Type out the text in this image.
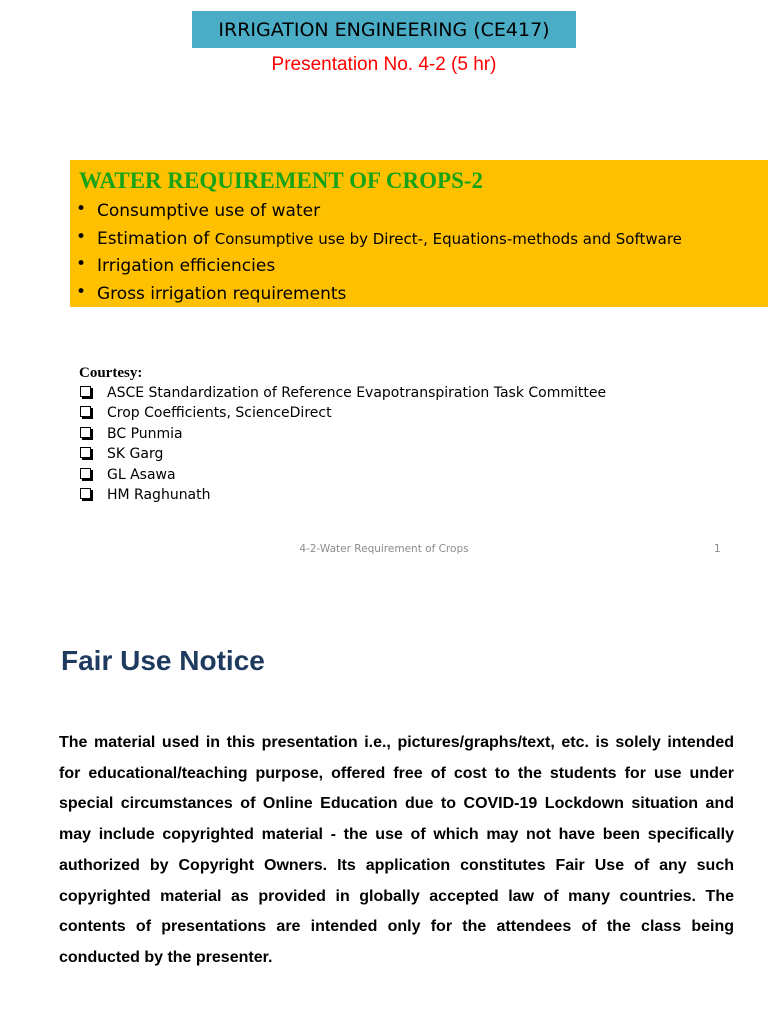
IRRIGATION ENGINEERING (CE417)
Presentation No. 4-2 (5 hr)
WATER REQUIREMENT OF CROPS-2
• Consumptive use of water
• Estimation of Consumptive use by Direct-, Equations-methods and Software
• Irrigation efficiencies
• Gross irrigation requirements
Courtesy:
ASCE Standardization of Reference Evapotranspiration Task Committee
Crop Coefficients, ScienceDirect
BC Punmia
SK Garg
GL Asawa
HM Raghunath
4-2-Water Requirement of Crops	1
Fair Use Notice
The material used in this presentation i.e., pictures/graphs/text, etc. is solely intended for educational/teaching purpose, offered free of cost to the students for use under special circumstances of Online Education due to COVID-19 Lockdown situation and may include copyrighted material - the use of which may not have been specifically authorized by Copyright Owners. Its application constitutes Fair Use of any such copyrighted material as provided in globally accepted law of many countries. The contents of presentations are intended only for the attendees of the class being conducted by the presenter.
